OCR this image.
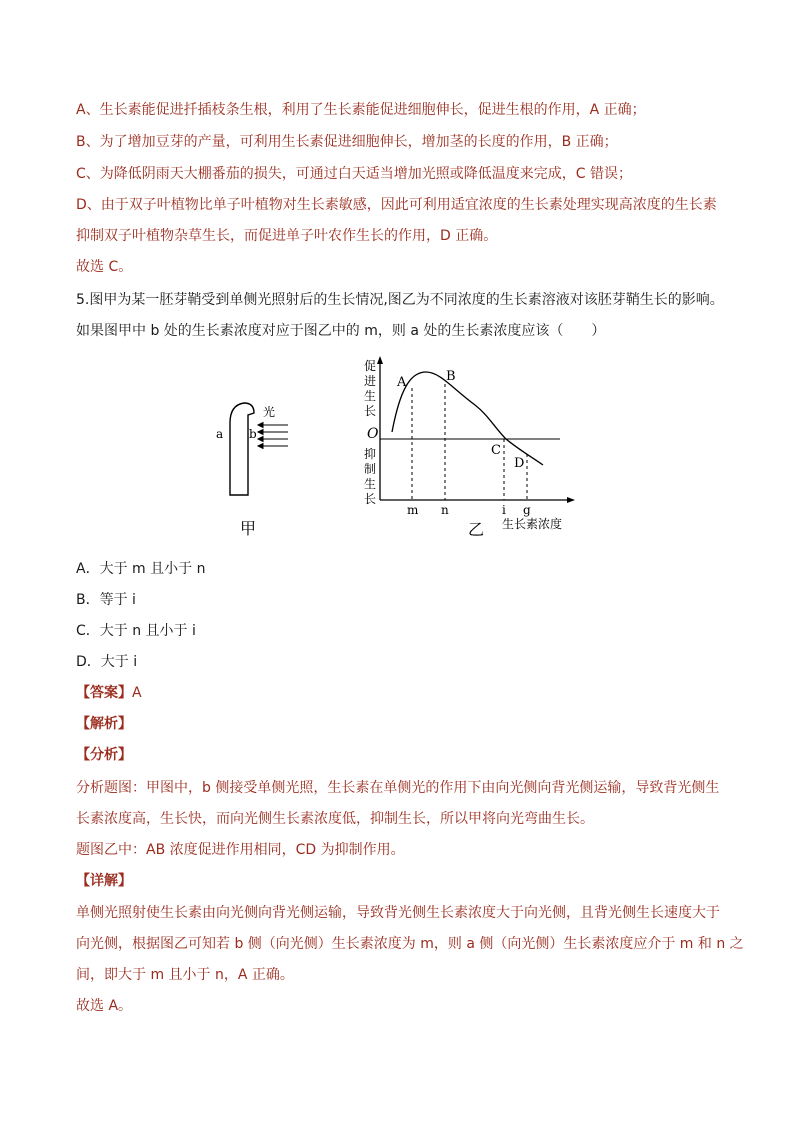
A、生长素能促进扦插枝条生根，利用了生长素能促进细胞伸长，促进生根的作用，A 正确；
B、为了增加豆芽的产量，可利用生长素促进细胞伸长，增加茎的长度的作用，B 正确；
C、为降低阴雨天大棚番茄的损失，可通过白天适当增加光照或降低温度来完成，C 错误；
D、由于双子叶植物比单子叶植物对生长素敏感，因此可利用适宜浓度的生长素处理实现高浓度的生长素
抑制双子叶植物杂草生长，而促进单子叶农作生长的作用，D 正确。
故选 C。
5.图甲为某一胚芽鞘受到单侧光照射后的生长情况,图乙为不同浓度的生长素溶液对该胚芽鞘生长的影响。
如果图甲中 b 处的生长素浓度对应于图乙中的 m，则 a 处的生长素浓度应该（　　）
a b
光
甲
促
进
生
长
抑
制
生
长
O
A	B
C
D
m n	i g
生长素浓度
乙
A．大于 m 且小于 n
B．等于 i
C．大于 n 且小于 i
D．大于 i
【答案】A
【解析】
【分析】
分析题图：甲图中，b 侧接受单侧光照，生长素在单侧光的作用下由向光侧向背光侧运输，导致背光侧生
长素浓度高，生长快，而向光侧生长素浓度低，抑制生长，所以甲将向光弯曲生长。
题图乙中：AB 浓度促进作用相同，CD 为抑制作用。
【详解】
单侧光照射使生长素由向光侧向背光侧运输，导致背光侧生长素浓度大于向光侧，且背光侧生长速度大于
向光侧，根据图乙可知若 b 侧（向光侧）生长素浓度为 m，则 a 侧（向光侧）生长素浓度应介于 m 和 n 之
间，即大于 m 且小于 n，A 正确。
故选 A。
